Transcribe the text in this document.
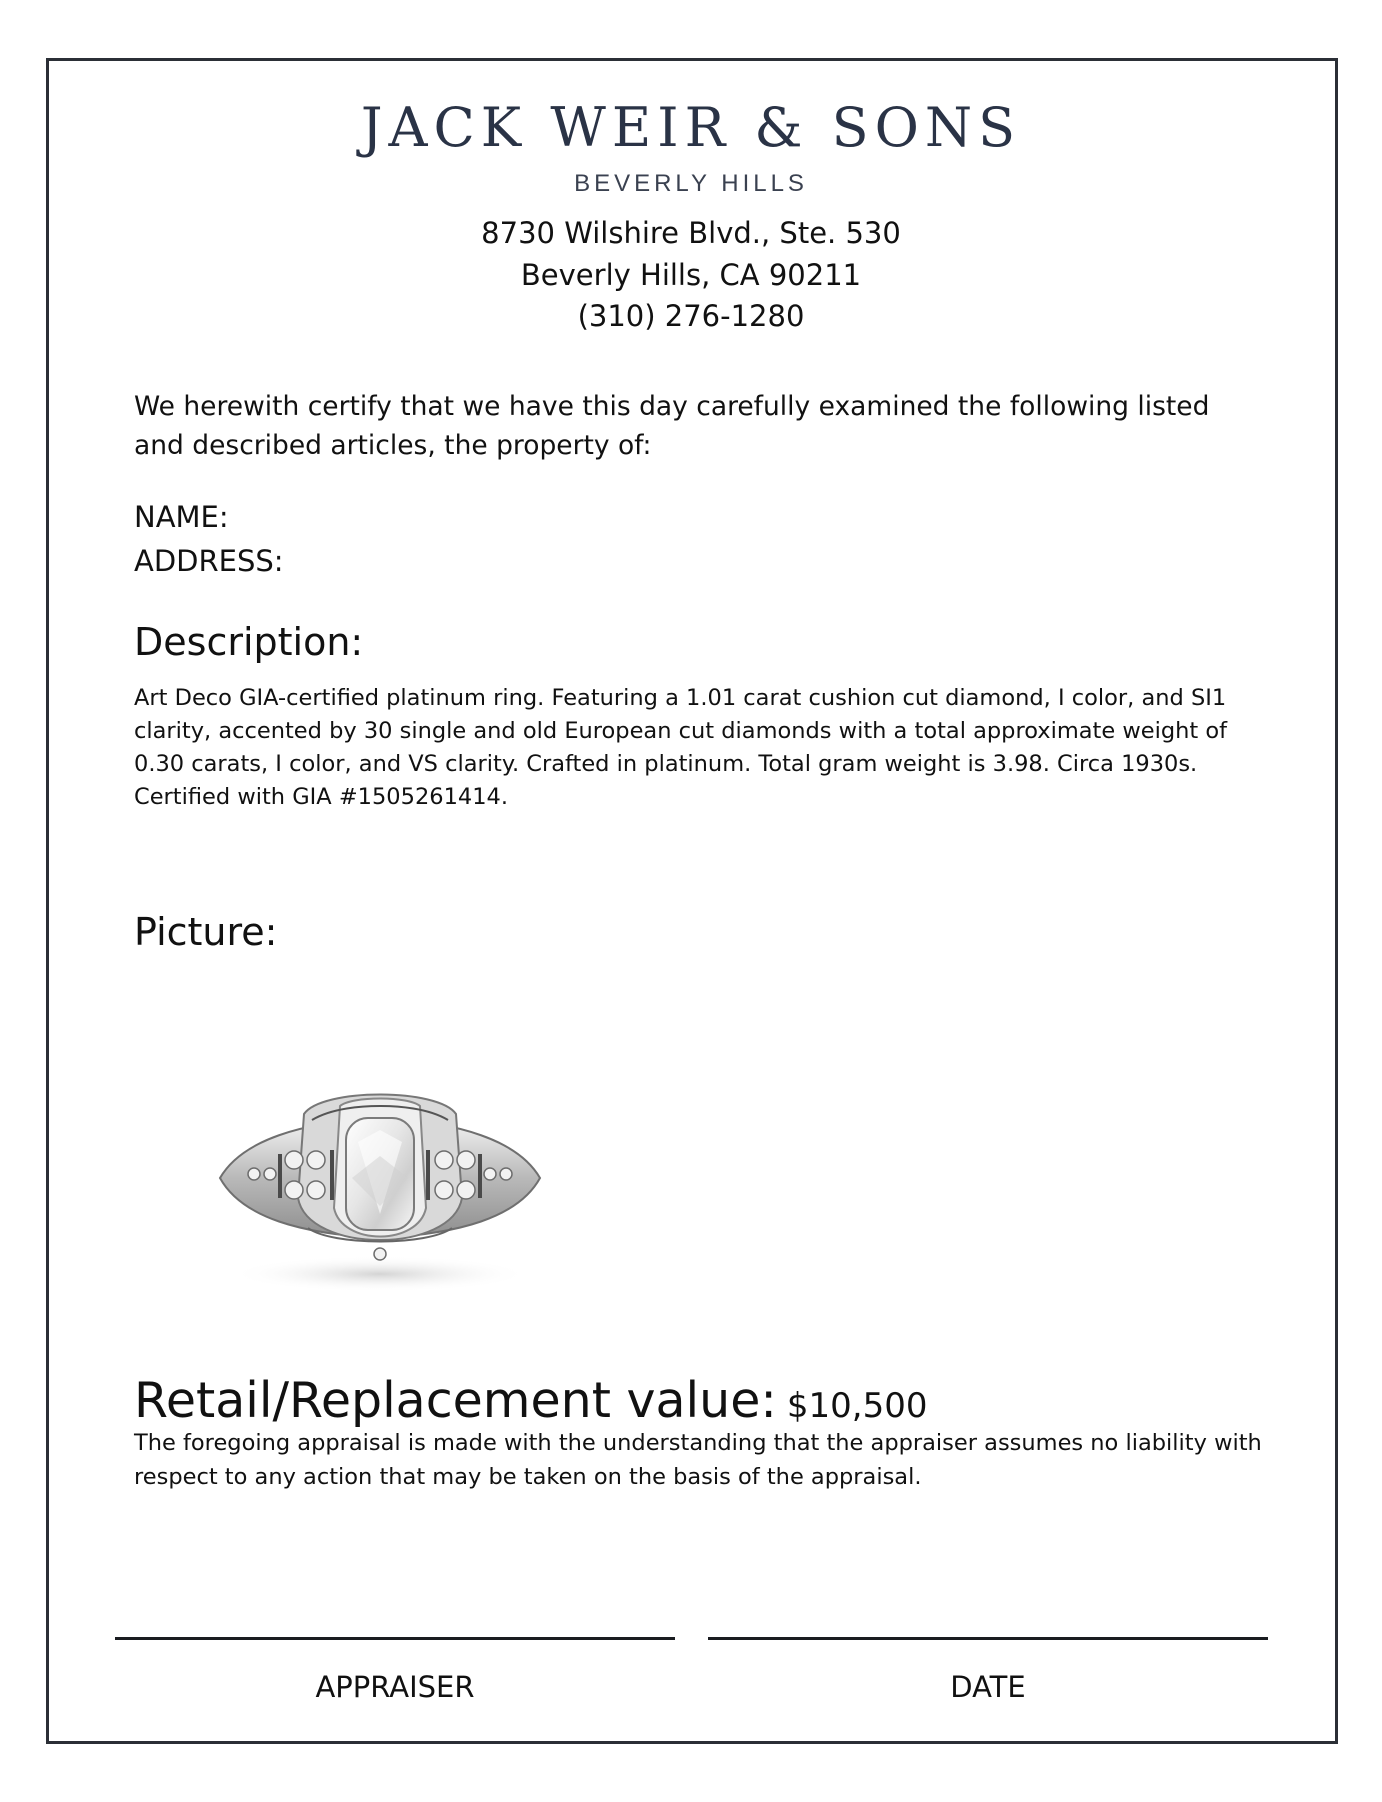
JACK WEIR & SONS
BEVERLY HILLS
8730 Wilshire Blvd., Ste. 530
Beverly Hills, CA 90211
(310) 276-1280
We herewith certify that we have this day carefully examined the following listed and described articles, the property of:
NAME:
ADDRESS:
Description:
Art Deco GIA-certified platinum ring. Featuring a 1.01 carat cushion cut diamond, I color, and SI1 clarity, accented by 30 single and old European cut diamonds with a total approximate weight of 0.30 carats, I color, and VS clarity. Crafted in platinum. Total gram weight is 3.98. Circa 1930s. Certified with GIA #1505261414.
Picture:
Retail/Replacement value: $10,500
The foregoing appraisal is made with the understanding that the appraiser assumes no liability with respect to any action that may be taken on the basis of the appraisal.
APPRAISER	DATE
